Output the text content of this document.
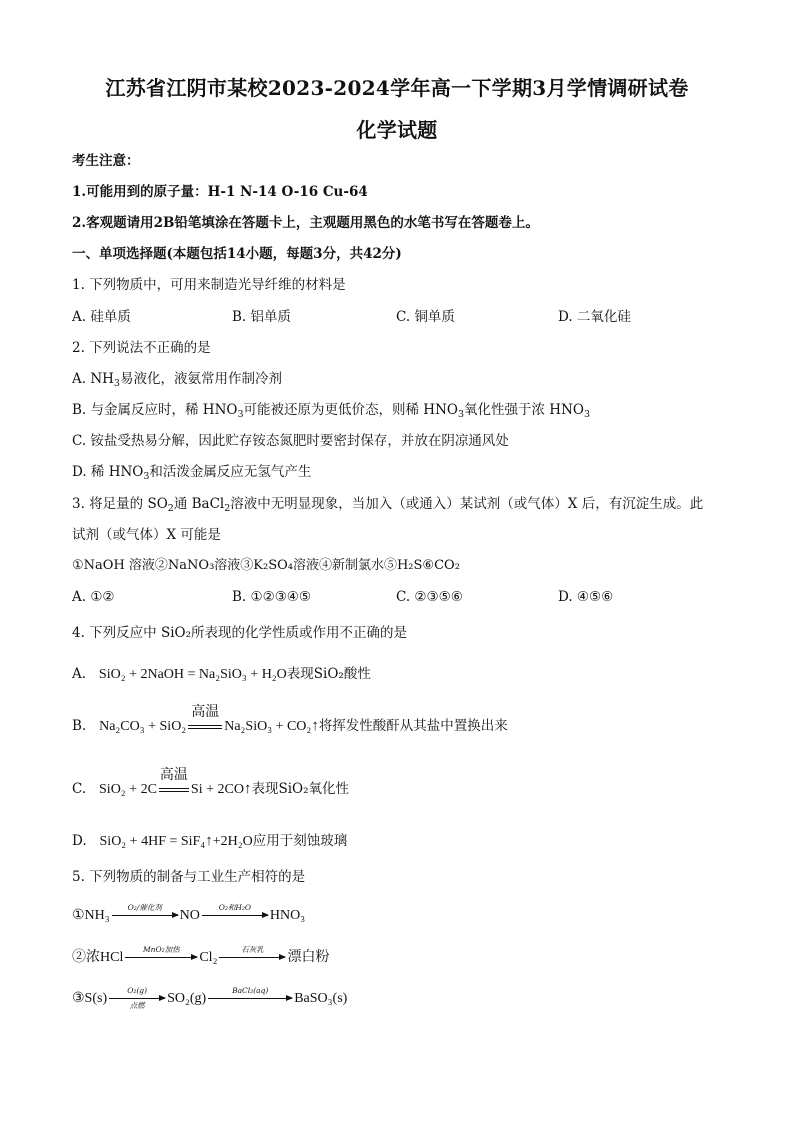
江苏省江阴市某校2023-2024学年高一下学期3月学情调研试卷
化学试题
考生注意：
1.可能用到的原子量：H-1 N-14 O-16 Cu-64
2.客观题请用2B铅笔填涂在答题卡上，主观题用黑色的水笔书写在答题卷上。
一、单项选择题(本题包括14小题，每题3分，共42分)
1. 下列物质中，可用来制造光导纤维的材料是
A. 硅单质	B. 铝单质	C. 铜单质	D. 二氧化硅
2. 下列说法不正确的是
A. $NH_3$易液化，液氨常用作制冷剂
B. 与金属反应时，稀 $HNO_3$可能被还原为更低价态，则稀 $HNO_3$氧化性强于浓 $HNO_3$
C. 铵盐受热易分解，因此贮存铵态氮肥时要密封保存，并放在阴凉通风处
D. 稀 $HNO_3$和活泼金属反应无氢气产生
3. 将足量的 $SO_2$通 BaCl$_2$溶液中无明显现象，当加入（或通入）某试剂（或气体）X 后，有沉淀生成。此
试剂（或气体）X 可能是
①NaOH 溶液②NaNO₃溶液③K₂SO₄溶液④新制氯水⑤H₂S⑥CO₂
A. ①②	B. ①②③④⑤	C. ②③⑤⑥	D. ④⑤⑥
4. 下列反应中 SiO₂所表现的化学性质或作用不正确的是
A. SiO₂ + 2NaOH = Na₂SiO₃ + H₂O表现SiO₂酸性
B. Na₂CO₃ + SiO₂
高温
Na₂SiO₃ + CO₂ ↑ 将挥发性酸酐从其盐中置换出来
C. SiO₂ + 2C
高温
Si + 2CO ↑ 表现SiO₂氧化性
D. SiO₂ + 4HF = SiF₄ ↑ +2H₂O应用于刻蚀玻璃
5. 下列物质的制备与工业生产相符的是
①NH₃
O₂/催化剂
NO
O₂和H₂O
HNO₃
②浓HCl
MnO₂加热
Cl₂
石灰乳
漂白粉
③S(s)
O₂(g)
点燃	SO₂(g)
BaCl₂(aq)
BaSO₃(s)
